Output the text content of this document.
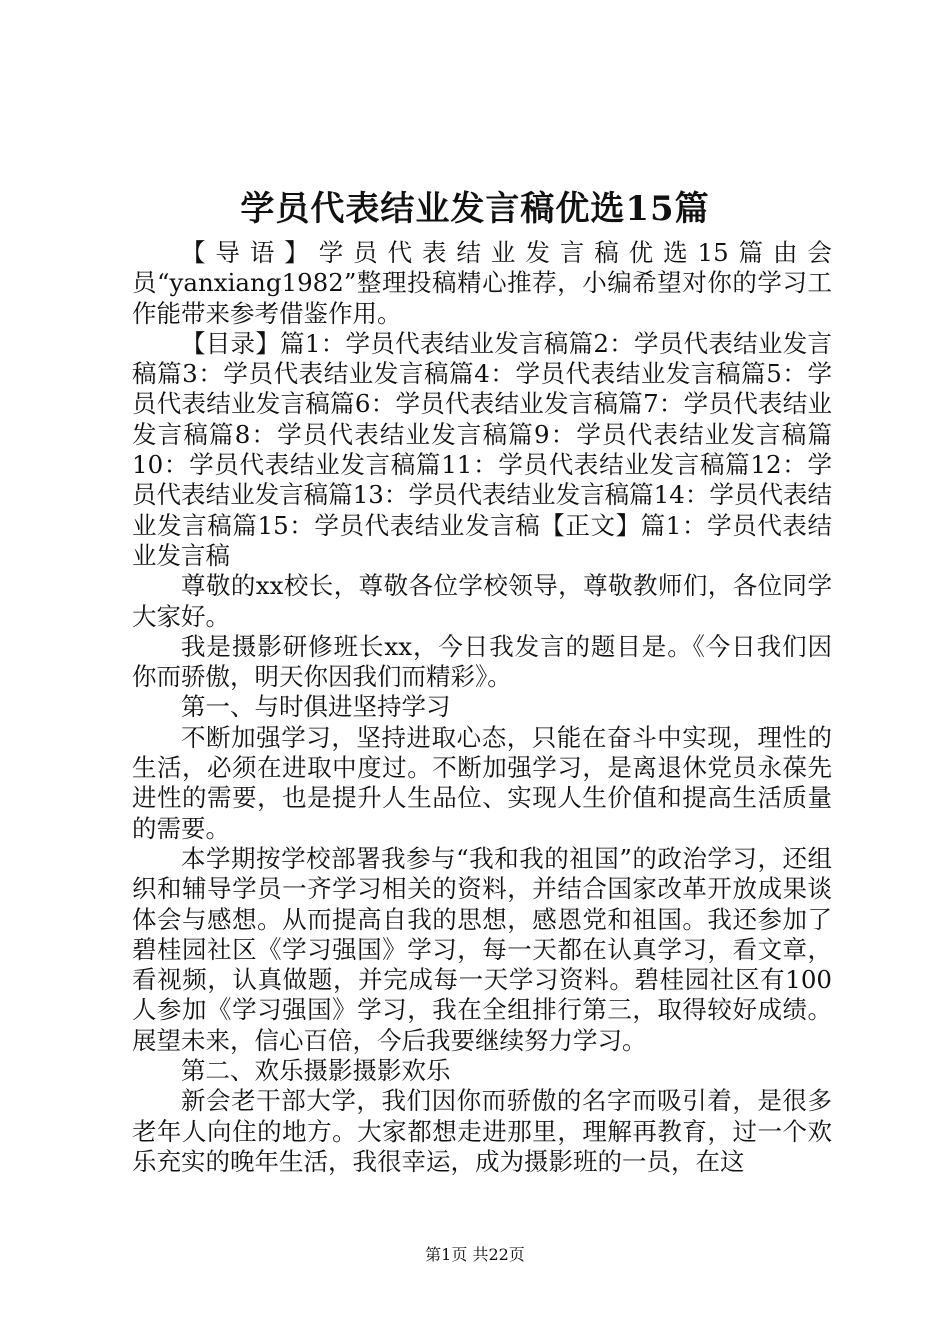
学员代表结业发言稿优选15篇

【导语】学员代表结业发言稿优选15篇由会员“yanxiang1982”整理投稿精心推荐，小编希望对你的学习工作能带来参考借鉴作用。

【目录】篇1：学员代表结业发言稿篇2：学员代表结业发言稿篇3：学员代表结业发言稿篇4：学员代表结业发言稿篇5：学员代表结业发言稿篇6：学员代表结业发言稿篇7：学员代表结业发言稿篇8：学员代表结业发言稿篇9：学员代表结业发言稿篇10：学员代表结业发言稿篇11：学员代表结业发言稿篇12：学员代表结业发言稿篇13：学员代表结业发言稿篇14：学员代表结业发言稿篇15：学员代表结业发言稿【正文】篇1：学员代表结业发言稿

尊敬的xx校长，尊敬各位学校领导，尊敬教师们，各位同学大家好。

我是摄影研修班长xx，今日我发言的题目是。《今日我们因你而骄傲，明天你因我们而精彩》。

第一、与时俱进坚持学习

不断加强学习，坚持进取心态，只能在奋斗中实现，理性的生活，必须在进取中度过。不断加强学习，是离退休党员永葆先进性的需要，也是提升人生品位、实现人生价值和提高生活质量的需要。

本学期按学校部署我参与“我和我的祖国”的政治学习，还组织和辅导学员一齐学习相关的资料，并结合国家改革开放成果谈体会与感想。从而提高自我的思想，感恩党和祖国。我还参加了碧桂园社区《学习强国》学习，每一天都在认真学习，看文章，看视频，认真做题，并完成每一天学习资料。碧桂园社区有100人参加《学习强国》学习，我在全组排行第三，取得较好成绩。展望未来，信心百倍，今后我要继续努力学习。

第二、欢乐摄影摄影欢乐

新会老干部大学，我们因你而骄傲的名字而吸引着，是很多老年人向住的地方。大家都想走进那里，理解再教育，过一个欢乐充实的晚年生活，我很幸运，成为摄影班的一员，在这

第1页 共22页
